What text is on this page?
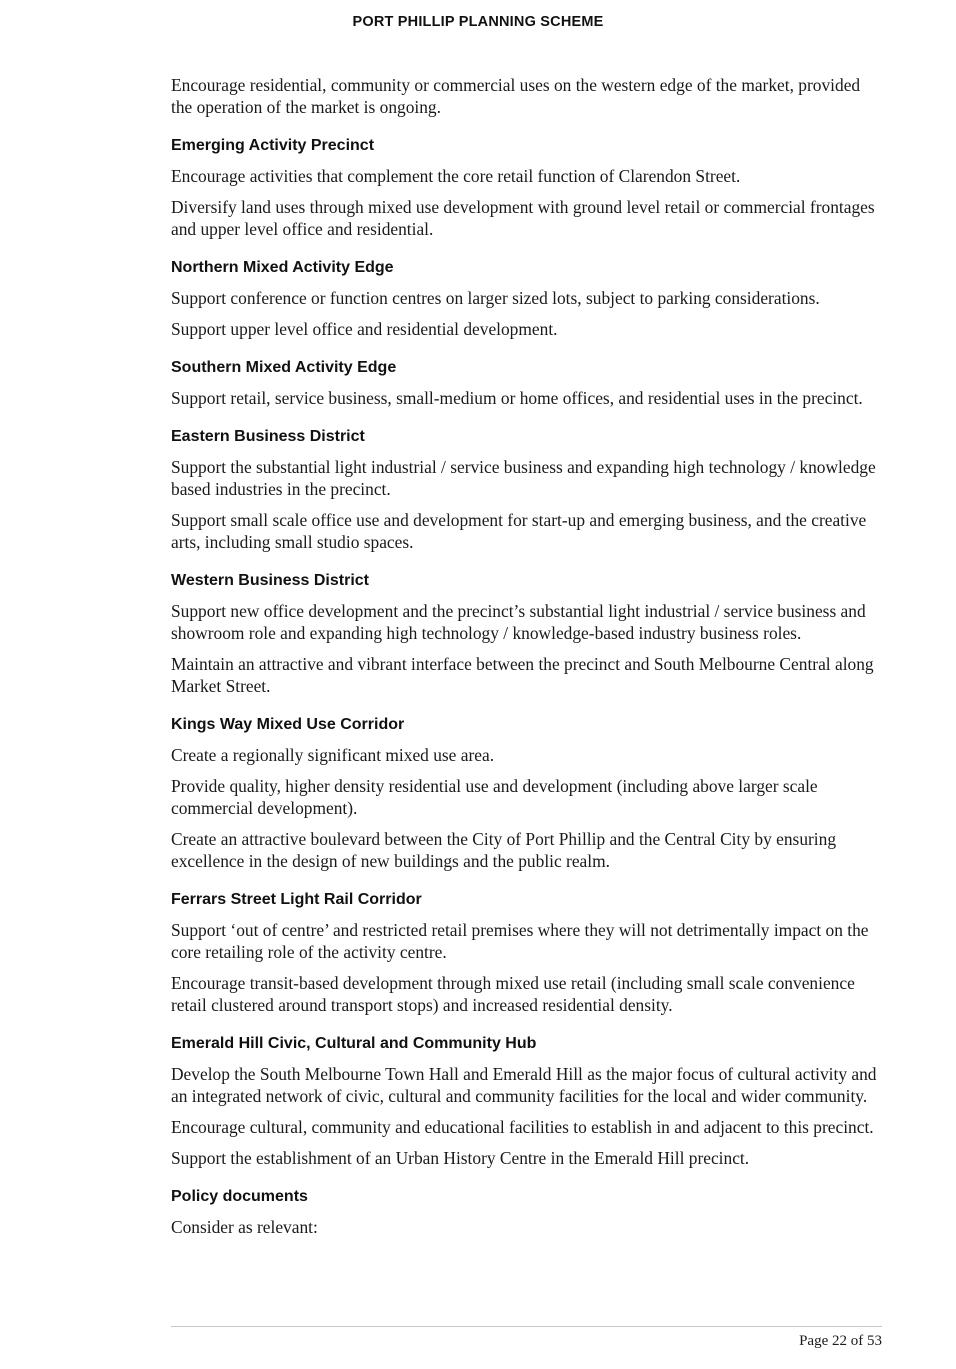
PORT PHILLIP PLANNING SCHEME

Encourage residential, community or commercial uses on the western edge of the market, provided the operation of the market is ongoing.

Emerging Activity Precinct

Encourage activities that complement the core retail function of Clarendon Street.

Diversify land uses through mixed use development with ground level retail or commercial frontages and upper level office and residential.

Northern Mixed Activity Edge

Support conference or function centres on larger sized lots, subject to parking considerations.

Support upper level office and residential development.

Southern Mixed Activity Edge

Support retail, service business, small-medium or home offices, and residential uses in the precinct.

Eastern Business District

Support the substantial light industrial / service business and expanding high technology / knowledge based industries in the precinct.

Support small scale office use and development for start-up and emerging business, and the creative arts, including small studio spaces.

Western Business District

Support new office development and the precinct’s substantial light industrial / service business and showroom role and expanding high technology / knowledge-based industry business roles.

Maintain an attractive and vibrant interface between the precinct and South Melbourne Central along Market Street.

Kings Way Mixed Use Corridor

Create a regionally significant mixed use area.

Provide quality, higher density residential use and development (including above larger scale commercial development).

Create an attractive boulevard between the City of Port Phillip and the Central City by ensuring excellence in the design of new buildings and the public realm.

Ferrars Street Light Rail Corridor

Support ‘out of centre’ and restricted retail premises where they will not detrimentally impact on the core retailing role of the activity centre.

Encourage transit-based development through mixed use retail (including small scale convenience retail clustered around transport stops) and increased residential density.

Emerald Hill Civic, Cultural and Community Hub

Develop the South Melbourne Town Hall and Emerald Hill as the major focus of cultural activity and an integrated network of civic, cultural and community facilities for the local and wider community.

Encourage cultural, community and educational facilities to establish in and adjacent to this precinct.

Support the establishment of an Urban History Centre in the Emerald Hill precinct.

Policy documents

Consider as relevant:

Page 22 of 53
